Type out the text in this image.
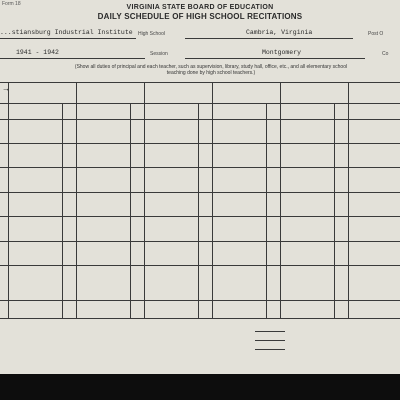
Form 18	VIRGINIA STATE BOARD OF EDUCATION
DAILY SCHEDULE OF HIGH SCHOOL RECITATIONS
...stiansburg Industrial Institute High School	Cambria, Virginia	Post O
1941 - 1942	Session	Montgomery	Co
(Show all duties of principal and each teacher, such as supervision, library, study hall, office, etc., and all elementary school teaching done by high school teachers.)
→
